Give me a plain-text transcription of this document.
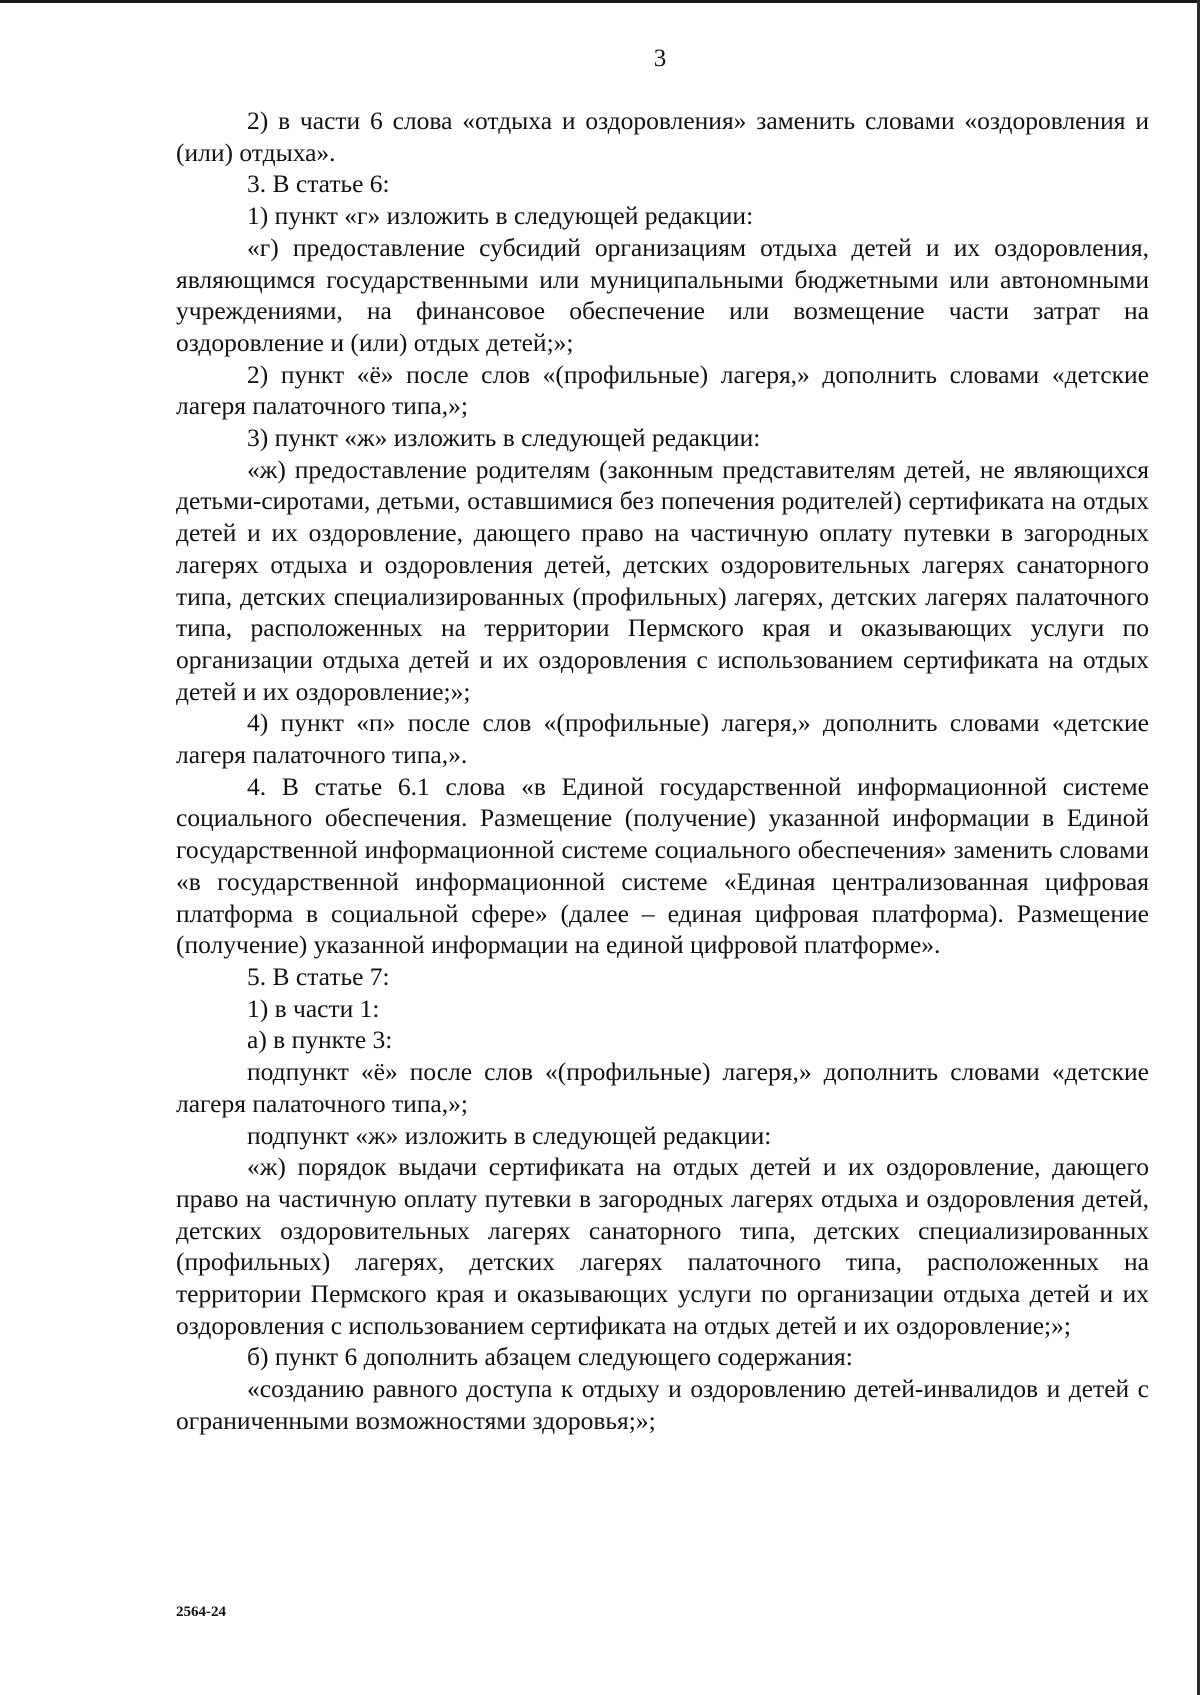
3

2) в части 6 слова «отдыха и оздоровления» заменить словами «оздоровления и (или) отдыха».

3. В статье 6:

1) пункт «г» изложить в следующей редакции:

«г) предоставление субсидий организациям отдыха детей и их оздоровления, являющимся государственными или муниципальными бюджетными или автономными учреждениями, на финансовое обеспечение или возмещение части затрат на оздоровление и (или) отдых детей;»;

2) пункт «ё» после слов «(профильные) лагеря,» дополнить словами «детские лагеря палаточного типа,»;

3) пункт «ж» изложить в следующей редакции:

«ж) предоставление родителям (законным представителям детей, не являющихся детьми-сиротами, детьми, оставшимися без попечения родителей) сертификата на отдых детей и их оздоровление, дающего право на частичную оплату путевки в загородных лагерях отдыха и оздоровления детей, детских оздоровительных лагерях санаторного типа, детских специализированных (профильных) лагерях, детских лагерях палаточного типа, расположенных на территории Пермского края и оказывающих услуги по организации отдыха детей и их оздоровления с использованием сертификата на отдых детей и их оздоровление;»;

4) пункт «п» после слов «(профильные) лагеря,» дополнить словами «детские лагеря палаточного типа,».

4. В статье 6.1 слова «в Единой государственной информационной системе социального обеспечения. Размещение (получение) указанной информации в Единой государственной информационной системе социального обеспечения» заменить словами «в государственной информационной системе «Единая централизованная цифровая платформа в социальной сфере» (далее – единая цифровая платформа). Размещение (получение) указанной информации на единой цифровой платформе».

5. В статье 7:

1) в части 1:

а) в пункте 3:

подпункт «ё» после слов «(профильные) лагеря,» дополнить словами «детские лагеря палаточного типа,»;

подпункт «ж» изложить в следующей редакции:

«ж) порядок выдачи сертификата на отдых детей и их оздоровление, дающего право на частичную оплату путевки в загородных лагерях отдыха и оздоровления детей, детских оздоровительных лагерях санаторного типа, детских специализированных (профильных) лагерях, детских лагерях палаточного типа, расположенных на территории Пермского края и оказывающих услуги по организации отдыха детей и их оздоровления с использованием сертификата на отдых детей и их оздоровление;»;

б) пункт 6 дополнить абзацем следующего содержания:

«созданию равного доступа к отдыху и оздоровлению детей-инвалидов и детей с ограниченными возможностями здоровья;»;

2564-24
